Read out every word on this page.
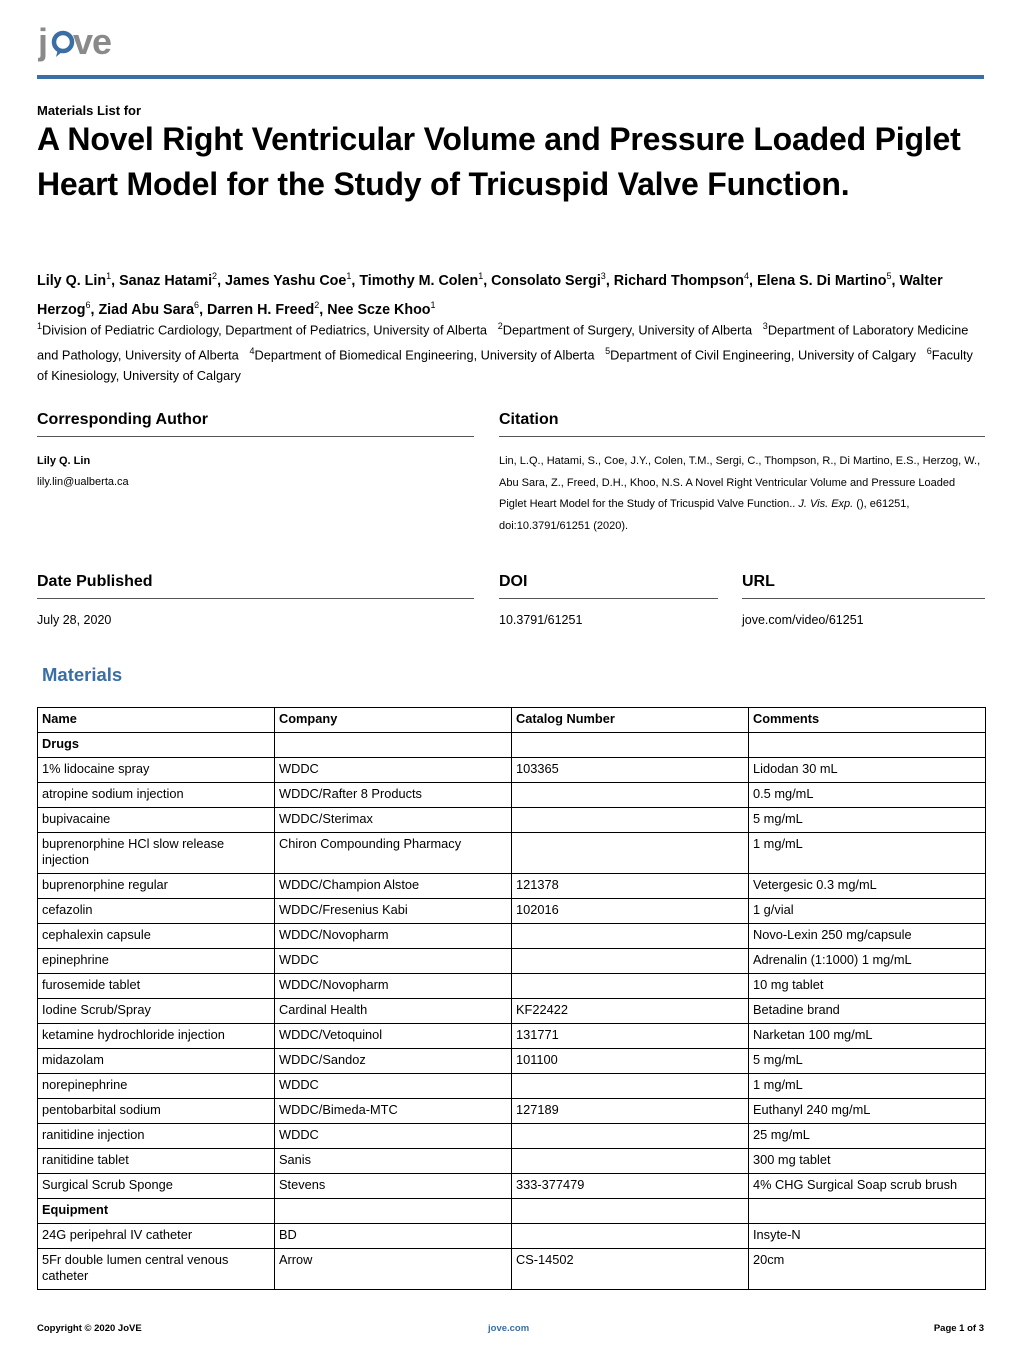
j ve
Materials List for
A Novel Right Ventricular Volume and Pressure Loaded Piglet Heart Model for the Study of Tricuspid Valve Function.
Lily Q. Lin$^1$, Sanaz Hatami$^2$, James Yashu Coe$^1$, Timothy M. Colen$^1$, Consolato Sergi$^3$, Richard Thompson$^4$, Elena S. Di Martino$^5$, Walter Herzog$^6$, Ziad Abu Sara$^6$, Darren H. Freed$^2$, Nee Scze Khoo$^1$
$^1$Division of Pediatric Cardiology, Department of Pediatrics, University of Alberta $^2$Department of Surgery, University of Alberta $^3$Department of Laboratory Medicine and Pathology, University of Alberta $^4$Department of Biomedical Engineering, University of Alberta $^5$Department of Civil Engineering, University of Calgary $^6$Faculty of Kinesiology, University of Calgary
Corresponding Author
Lily Q. Lin
lily.lin@ualberta.ca
Citation
Lin, L.Q., Hatami, S., Coe, J.Y., Colen, T.M., Sergi, C., Thompson, R., Di Martino, E.S., Herzog, W., Abu Sara, Z., Freed, D.H., Khoo, N.S. A Novel Right Ventricular Volume and Pressure Loaded Piglet Heart Model for the Study of Tricuspid Valve Function.. J. Vis. Exp. (), e61251, doi:10.3791/61251 (2020).
Date Published
July 28, 2020
DOI
10.3791/61251
URL
jove.com/video/61251
Materials
Name	Company	Catalog Number	Comments
Drugs			
1% lidocaine spray	WDDC	103365	Lidodan 30 mL
atropine sodium injection	WDDC/Rafter 8 Products		0.5 mg/mL
bupivacaine	WDDC/Sterimax		5 mg/mL
buprenorphine HCl slow release injection	Chiron Compounding Pharmacy		1 mg/mL
buprenorphine regular	WDDC/Champion Alstoe	121378	Vetergesic 0.3 mg/mL
cefazolin	WDDC/Fresenius Kabi	102016	1 g/vial
cephalexin capsule	WDDC/Novopharm		Novo-Lexin 250 mg/capsule
epinephrine	WDDC		Adrenalin (1:1000) 1 mg/mL
furosemide tablet	WDDC/Novopharm		10 mg tablet
Iodine Scrub/Spray	Cardinal Health	KF22422	Betadine brand
ketamine hydrochloride injection	WDDC/Vetoquinol	131771	Narketan 100 mg/mL
midazolam	WDDC/Sandoz	101100	5 mg/mL
norepinephrine	WDDC		1 mg/mL
pentobarbital sodium	WDDC/Bimeda-MTC	127189	Euthanyl 240 mg/mL
ranitidine injection	WDDC		25 mg/mL
ranitidine tablet	Sanis		300 mg tablet
Surgical Scrub Sponge	Stevens	333-377479	4% CHG Surgical Soap scrub brush
Equipment			
24G peripehral IV catheter	BD		Insyte-N
5Fr double lumen central venous catheter	Arrow	CS-14502	20cm
Copyright © 2020 JoVE	jove.com	Page 1 of 3
